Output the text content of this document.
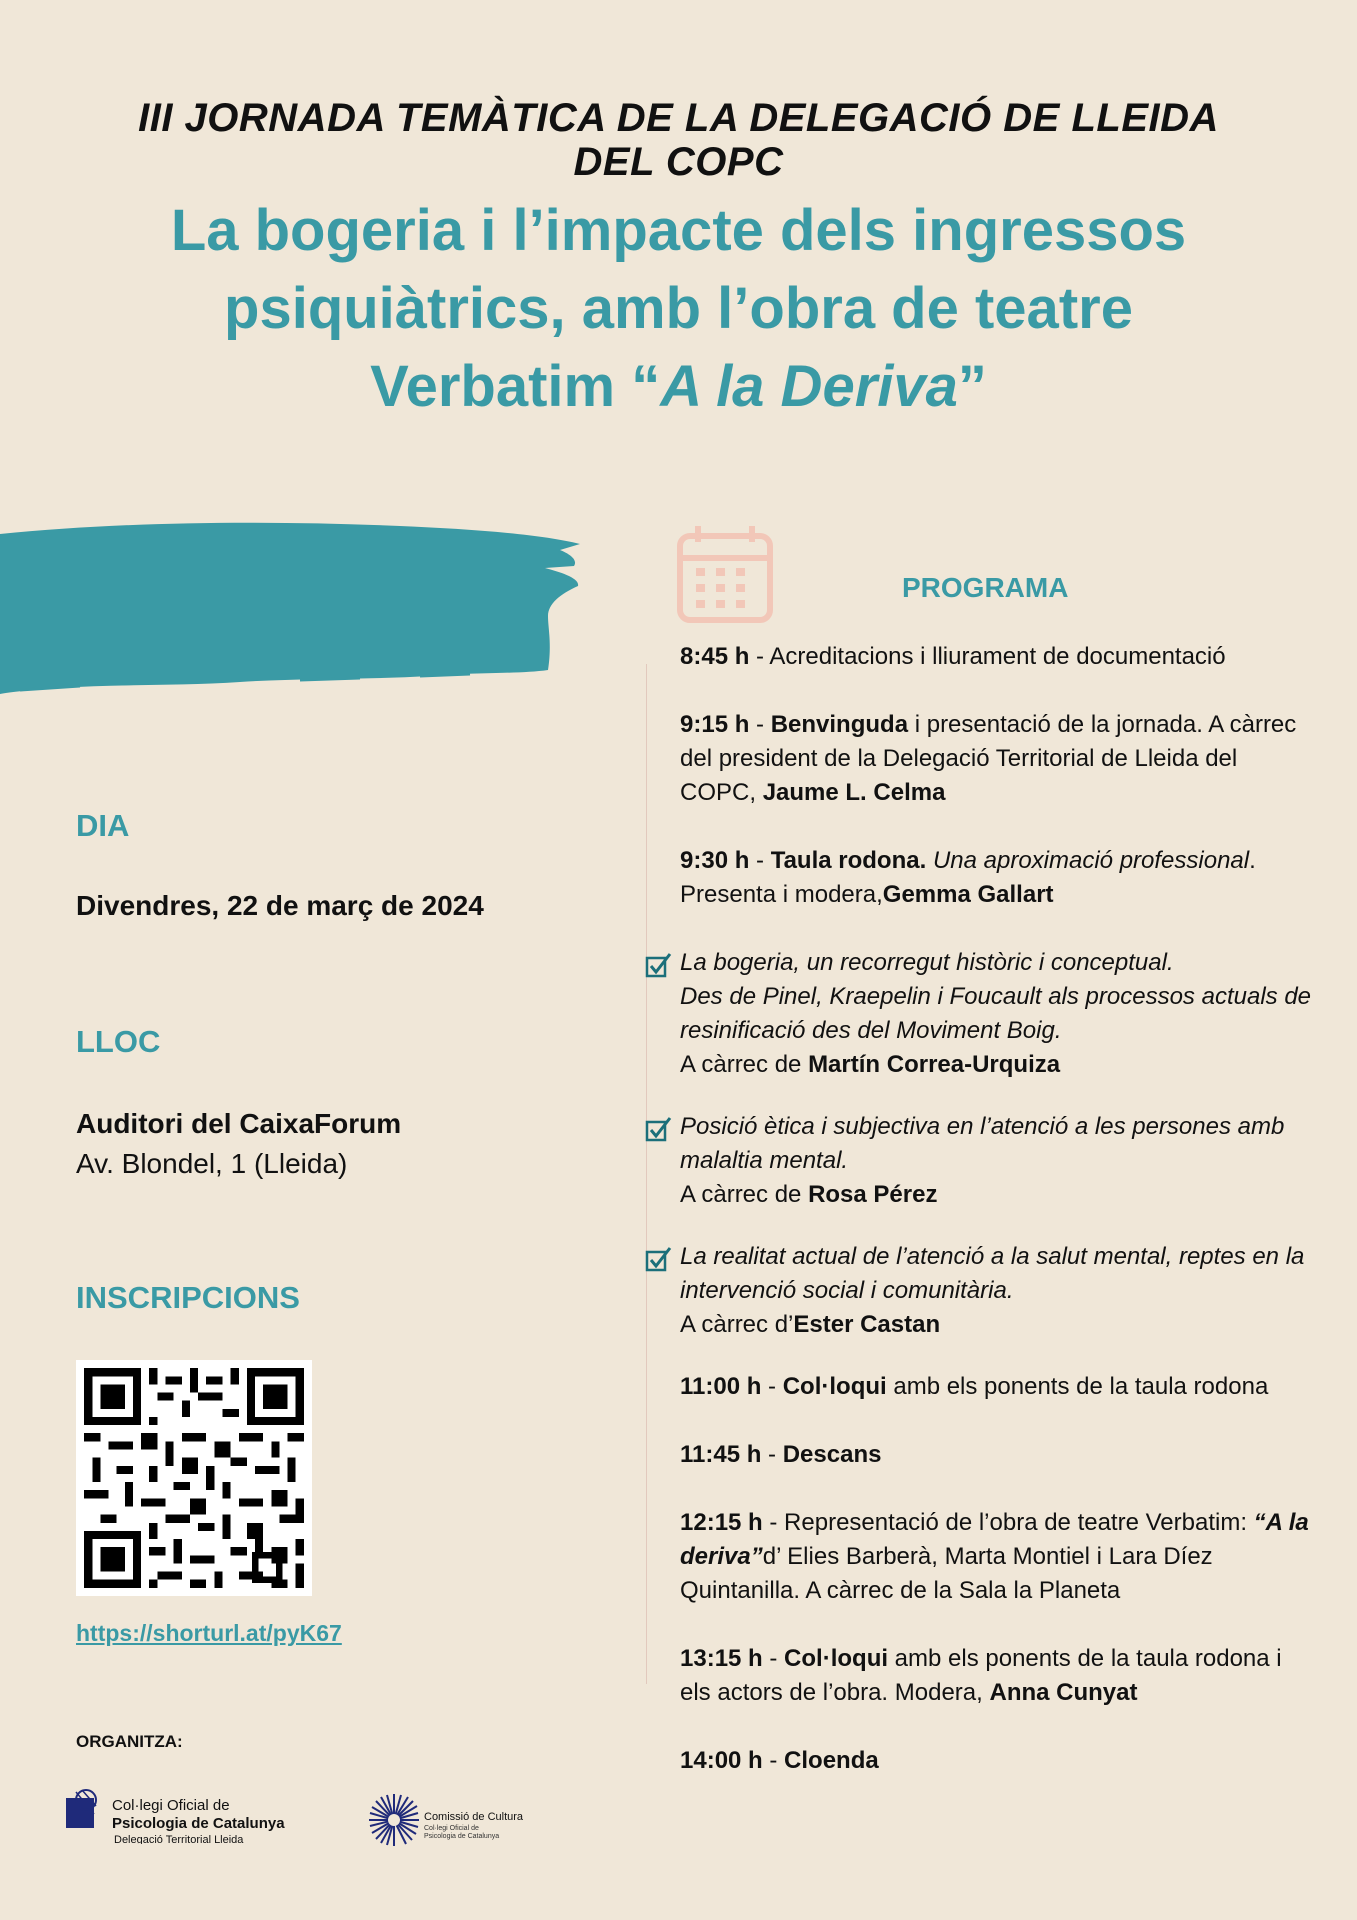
III JORNADA TEMÀTICA DE LA DELEGACIÓ DE LLEIDA
DEL COPC
La bogeria i l’impacte dels ingressos
psiquiàtrics, amb l’obra de teatre
Verbatim “A la Deriva”
DIA
Divendres, 22 de març de 2024
LLOC
Auditori del CaixaForum
Av. Blondel, 1 (Lleida)
INSCRIPCIONS
https://shorturl.at/pyK67
ORGANITZA:
Col·legi Oficial de
Psicologia de Catalunya
Delegació Territorial Lleida
Comissió de Cultura
Col·legi Oficial de
Psicologia de Catalunya
PROGRAMA
8:45 h - Acreditacions i lliurament de documentació
9:15 h - Benvinguda i presentació de la jornada. A càrrec del president de la Delegació Territorial de Lleida del COPC, Jaume L. Celma
9:30 h - Taula rodona. Una aproximació professional. Presenta i modera,Gemma Gallart
La bogeria, un recorregut històric i conceptual.
Des de Pinel, Kraepelin i Foucault als processos actuals de resinificació des del Moviment Boig.
A càrrec de Martín Correa-Urquiza
Posició ètica i subjectiva en l’atenció a les persones amb malaltia mental.
A càrrec de Rosa Pérez
La realitat actual de l’atenció a la salut mental, reptes en la intervenció social i comunitària.
A càrrec d’Ester Castan
11:00 h - Col·loqui amb els ponents de la taula rodona
11:45 h - Descans
12:15 h - Representació de l’obra de teatre Verbatim: “A la deriva”d’ Elies Barberà, Marta Montiel i Lara Díez Quintanilla. A càrrec de la Sala la Planeta
13:15 h - Col·loqui amb els ponents de la taula rodona i els actors de l’obra. Modera, Anna Cunyat
14:00 h - Cloenda
